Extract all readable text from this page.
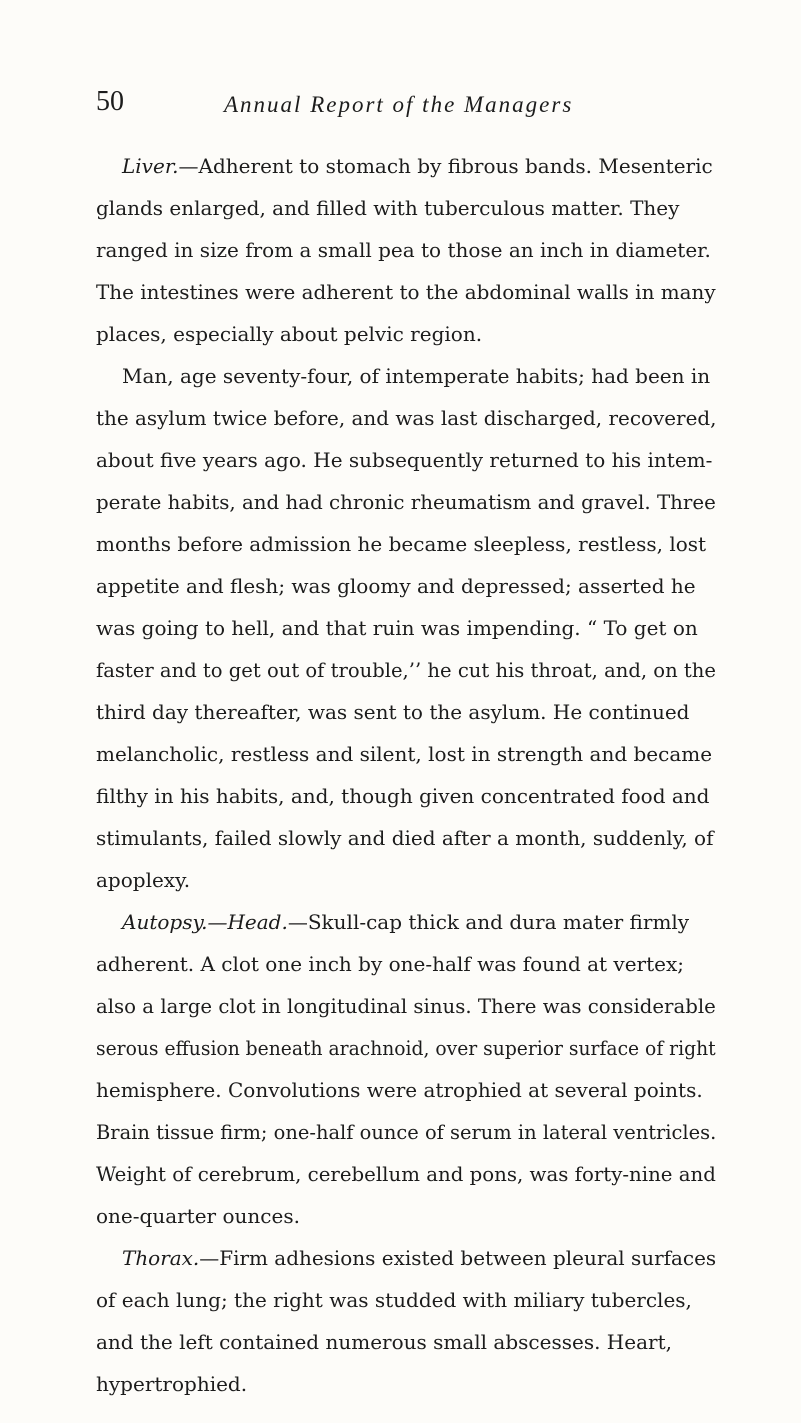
50	Annual Report of the Managers
Liver.—Adherent to stomach by fibrous bands. Mesenteric
glands enlarged, and filled with tuberculous matter. They
ranged in size from a small pea to those an inch in diameter.
The intestines were adherent to the abdominal walls in many
places, especially about pelvic region.
Man, age seventy-four, of intemperate habits; had been in
the asylum twice before, and was last discharged, recovered,
about five years ago. He subsequently returned to his intem-
perate habits, and had chronic rheumatism and gravel. Three
months before admission he became sleepless, restless, lost
appetite and flesh; was gloomy and depressed; asserted he
was going to hell, and that ruin was impending. “ To get on
faster and to get out of trouble,’’ he cut his throat, and, on the
third day thereafter, was sent to the asylum. He continued
melancholic, restless and silent, lost in strength and became
filthy in his habits, and, though given concentrated food and
stimulants, failed slowly and died after a month, suddenly, of
apoplexy.
Autopsy.—Head.—Skull-cap thick and dura mater firmly
adherent. A clot one inch by one-half was found at vertex;
also a large clot in longitudinal sinus. There was considerable
serous effusion beneath arachnoid, over superior surface of right
hemisphere. Convolutions were atrophied at several points.
Brain tissue firm; one-half ounce of serum in lateral ventricles.
Weight of cerebrum, cerebellum and pons, was forty-nine and
one-quarter ounces.
Thorax.—Firm adhesions existed between pleural surfaces
of each lung; the right was studded with miliary tubercles,
and the left contained numerous small abscesses. Heart,
hypertrophied.
